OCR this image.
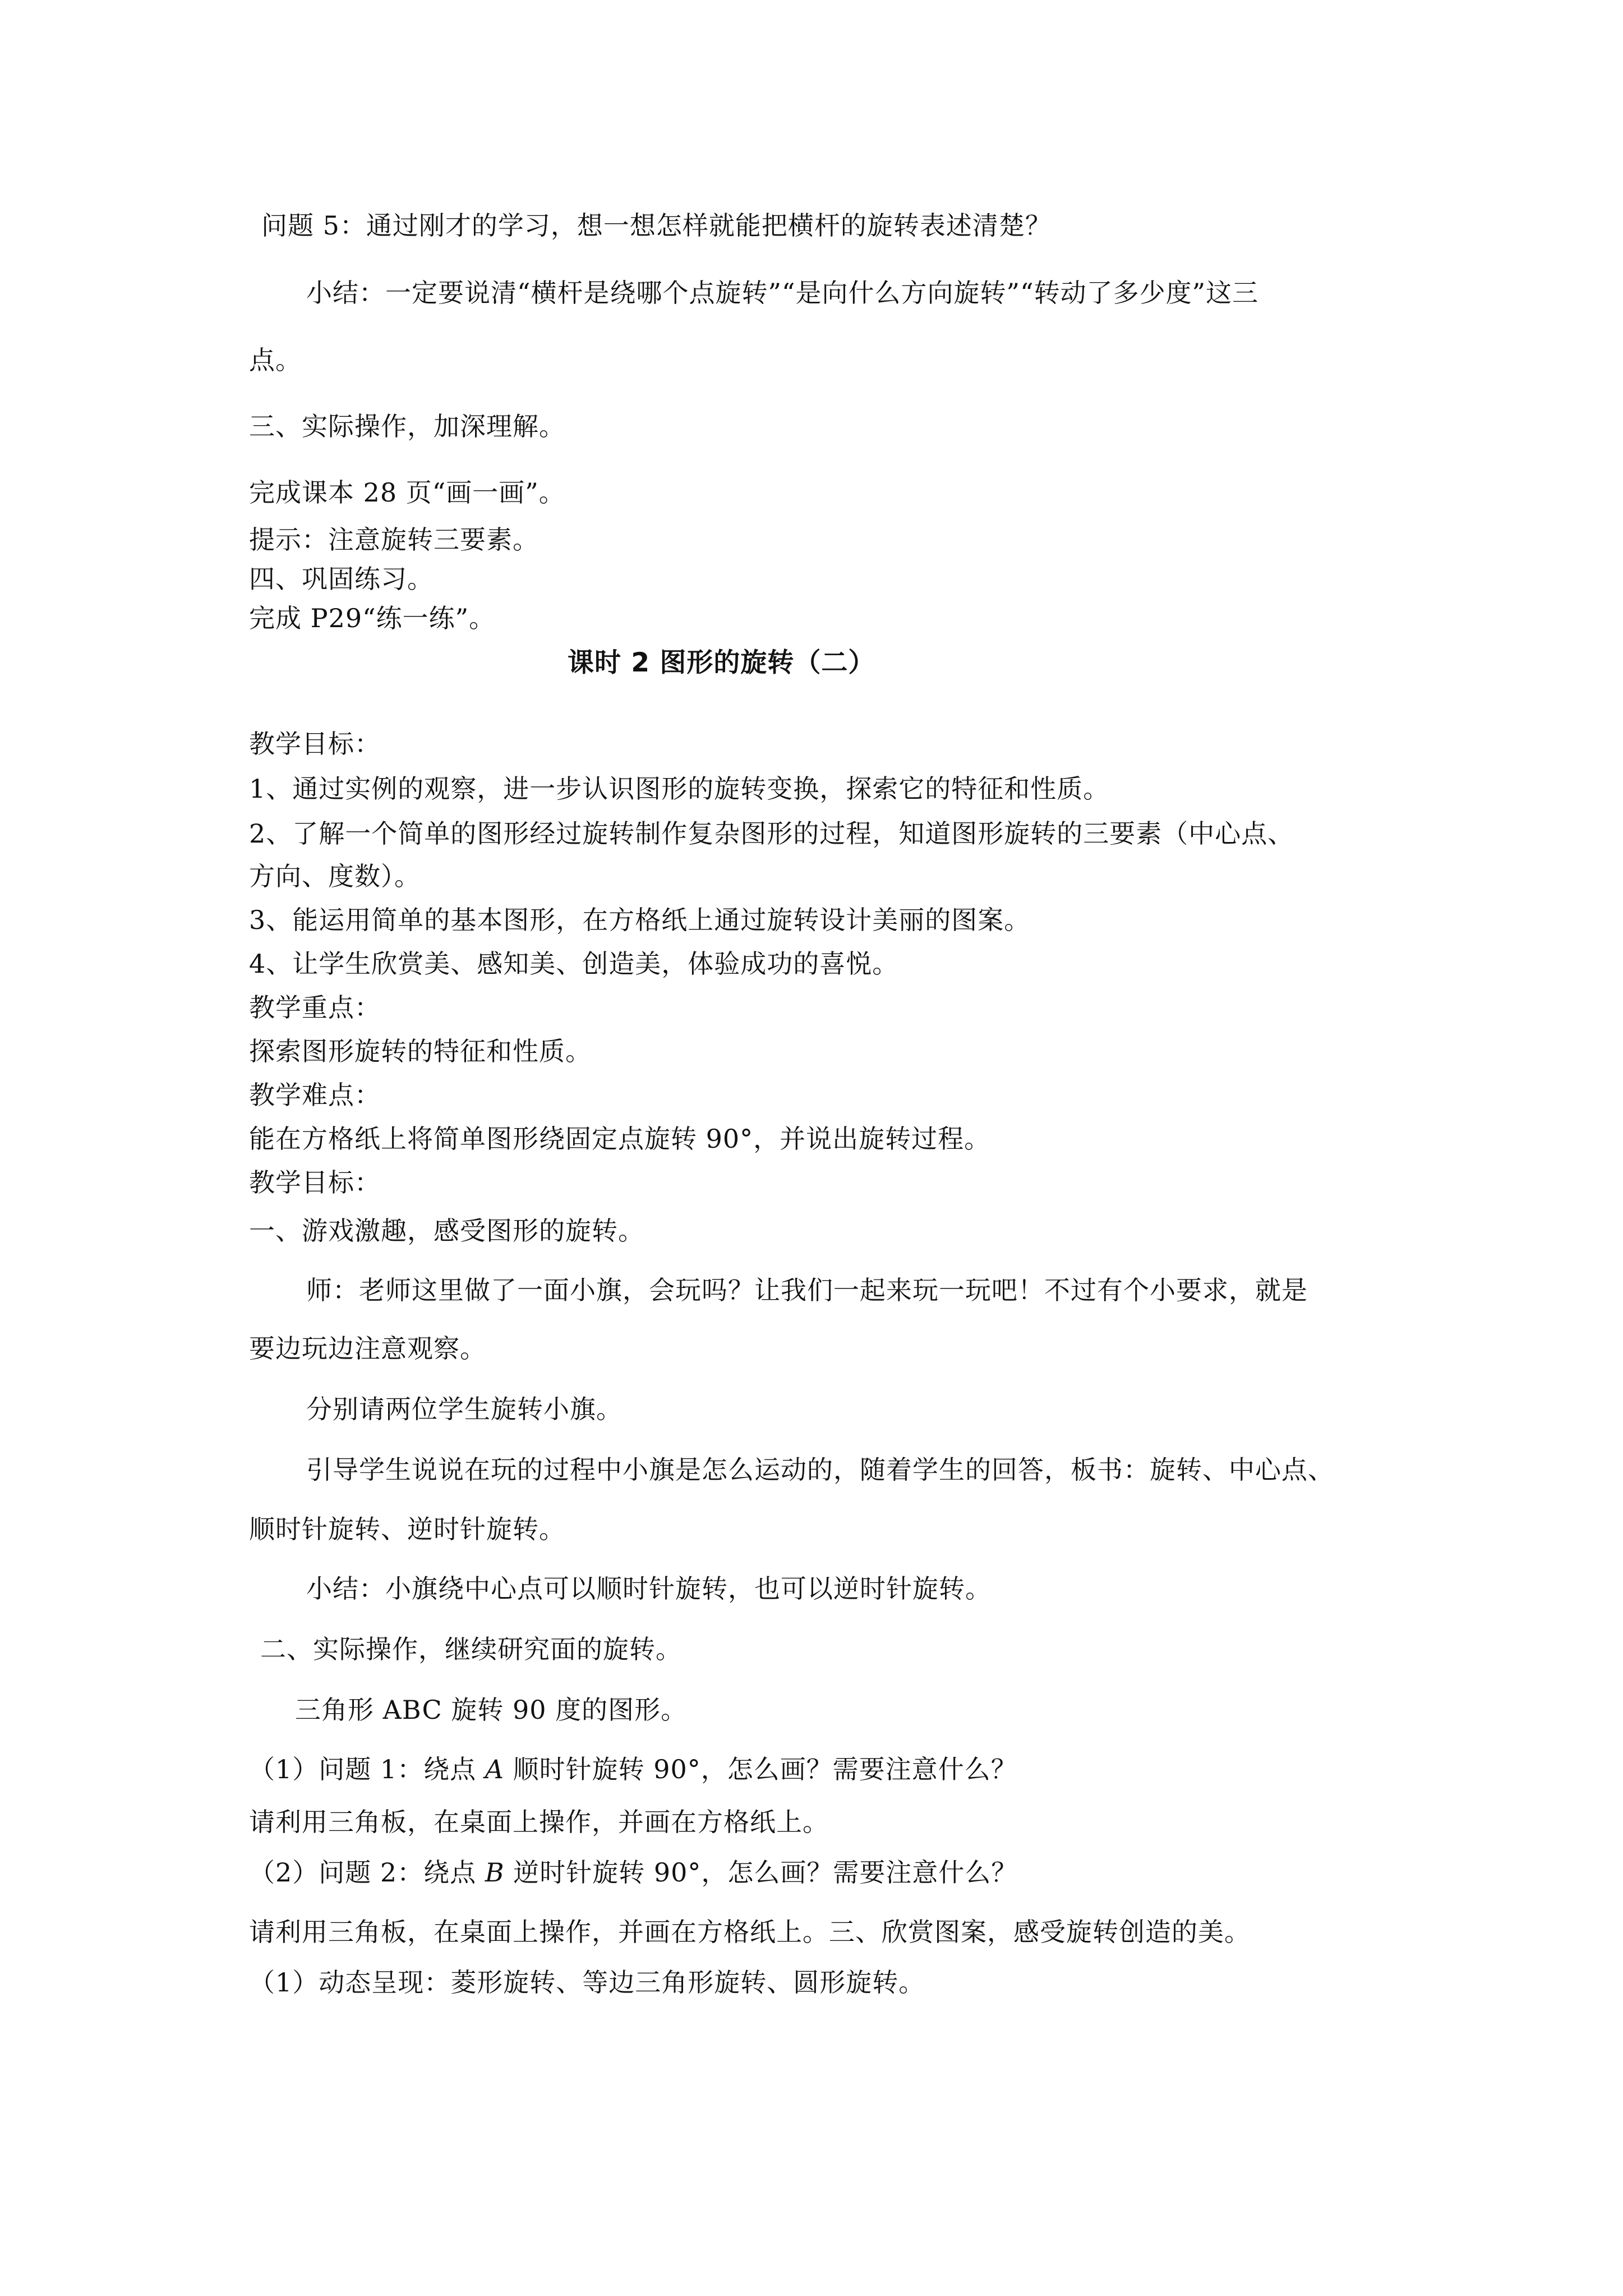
问题 5：通过刚才的学习，想一想怎样就能把横杆的旋转表述清楚？
小结：一定要说清“横杆是绕哪个点旋转”“是向什么方向旋转”“转动了多少度”这三
点。
三、实际操作，加深理解。
完成课本 28 页“画一画”。
提示：注意旋转三要素。
四、巩固练习。
完成 P29“练一练”。
课时 2 图形的旋转（二）
教学目标：
1、通过实例的观察，进一步认识图形的旋转变换，探索它的特征和性质。
2、了解一个简单的图形经过旋转制作复杂图形的过程，知道图形旋转的三要素（中心点、
方向、度数）。
3、能运用简单的基本图形，在方格纸上通过旋转设计美丽的图案。
4、让学生欣赏美、感知美、创造美，体验成功的喜悦。
教学重点：
探索图形旋转的特征和性质。
教学难点：
能在方格纸上将简单图形绕固定点旋转 90°，并说出旋转过程。
教学目标：
一、游戏激趣，感受图形的旋转。
师：老师这里做了一面小旗，会玩吗？让我们一起来玩一玩吧！不过有个小要求，就是
要边玩边注意观察。
分别请两位学生旋转小旗。
引导学生说说在玩的过程中小旗是怎么运动的，随着学生的回答，板书：旋转、中心点、
顺时针旋转、逆时针旋转。
小结：小旗绕中心点可以顺时针旋转，也可以逆时针旋转。
二、实际操作，继续研究面的旋转。
三角形 ABC 旋转 90 度的图形。
（1）问题 1：绕点 A 顺时针旋转 90°，怎么画？需要注意什么？
请利用三角板，在桌面上操作，并画在方格纸上。
（2）问题 2：绕点 B 逆时针旋转 90°，怎么画？需要注意什么？
请利用三角板，在桌面上操作，并画在方格纸上。三、欣赏图案，感受旋转创造的美。
（1）动态呈现：菱形旋转、等边三角形旋转、圆形旋转。
